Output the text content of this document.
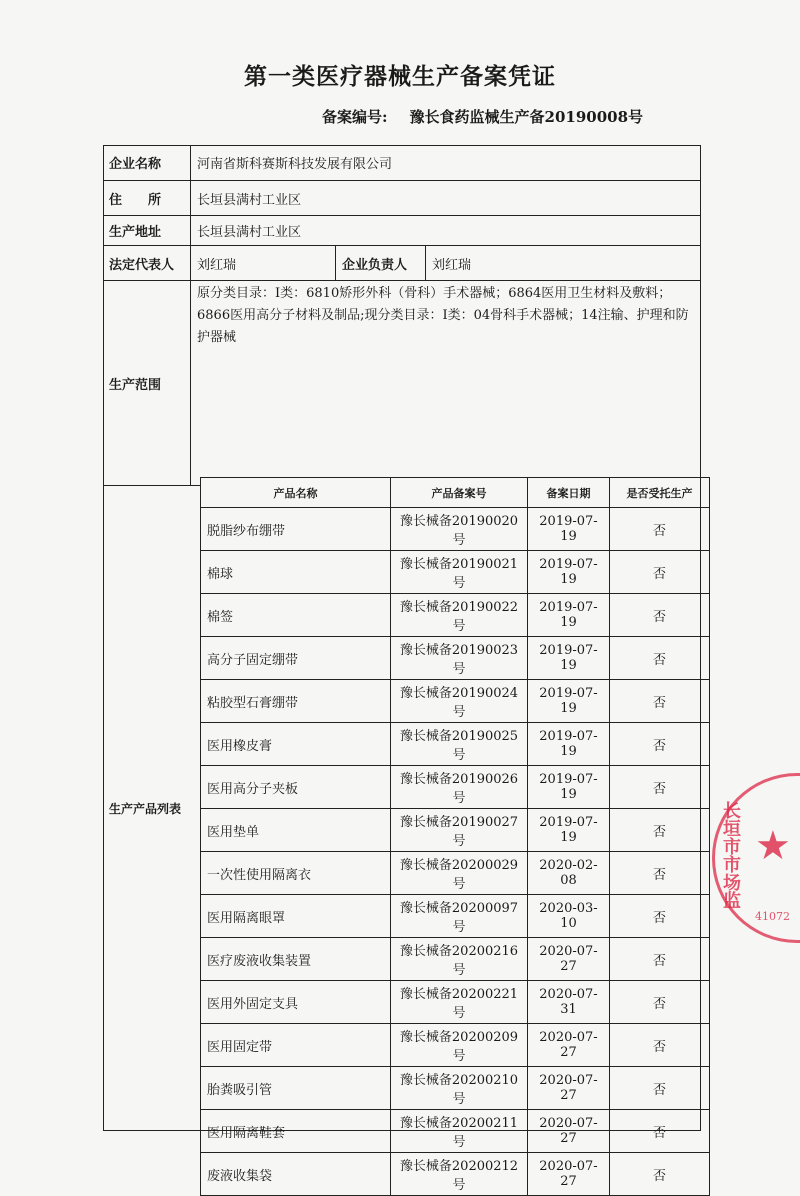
第一类医疗器械生产备案凭证
备案编号: 豫长食药监械生产备20190008号
企业名称	河南省斯科赛斯科技发展有限公司
住　　所	长垣县满村工业区
生产地址	长垣县满村工业区
法定代表人	刘红瑞	企业负责人	刘红瑞
生产范围
原分类目录：Ⅰ类：6810矫形外科（骨科）手术器械；6864医用卫生材料及敷料；6866医用高分子材料及制品;现分类目录：Ⅰ类：04骨科手术器械；14注输、护理和防护器械
生产产品列表
产品名称	产品备案号	备案日期	是否受托生产
脱脂纱布绷带	豫长械备20190020号	2019-07-19	否
棉球	豫长械备20190021号	2019-07-19	否
棉签	豫长械备20190022号	2019-07-19	否
高分子固定绷带	豫长械备20190023号	2019-07-19	否
粘胶型石膏绷带	豫长械备20190024号	2019-07-19	否
医用橡皮膏	豫长械备20190025号	2019-07-19	否
医用高分子夹板	豫长械备20190026号	2019-07-19	否
医用垫单	豫长械备20190027号	2019-07-19	否
一次性使用隔离衣	豫长械备20200029号	2020-02-08	否
医用隔离眼罩	豫长械备20200097号	2020-03-10	否
医疗废液收集装置	豫长械备20200216号	2020-07-27	否
医用外固定支具	豫长械备20200221号	2020-07-31	否
医用固定带	豫长械备20200209号	2020-07-27	否
胎粪吸引管	豫长械备20200210号	2020-07-27	否
医用隔离鞋套	豫长械备20200211号	2020-07-27	否
废液收集袋	豫长械备20200212号	2020-07-27	否
长垣市市场监 ★
41072
